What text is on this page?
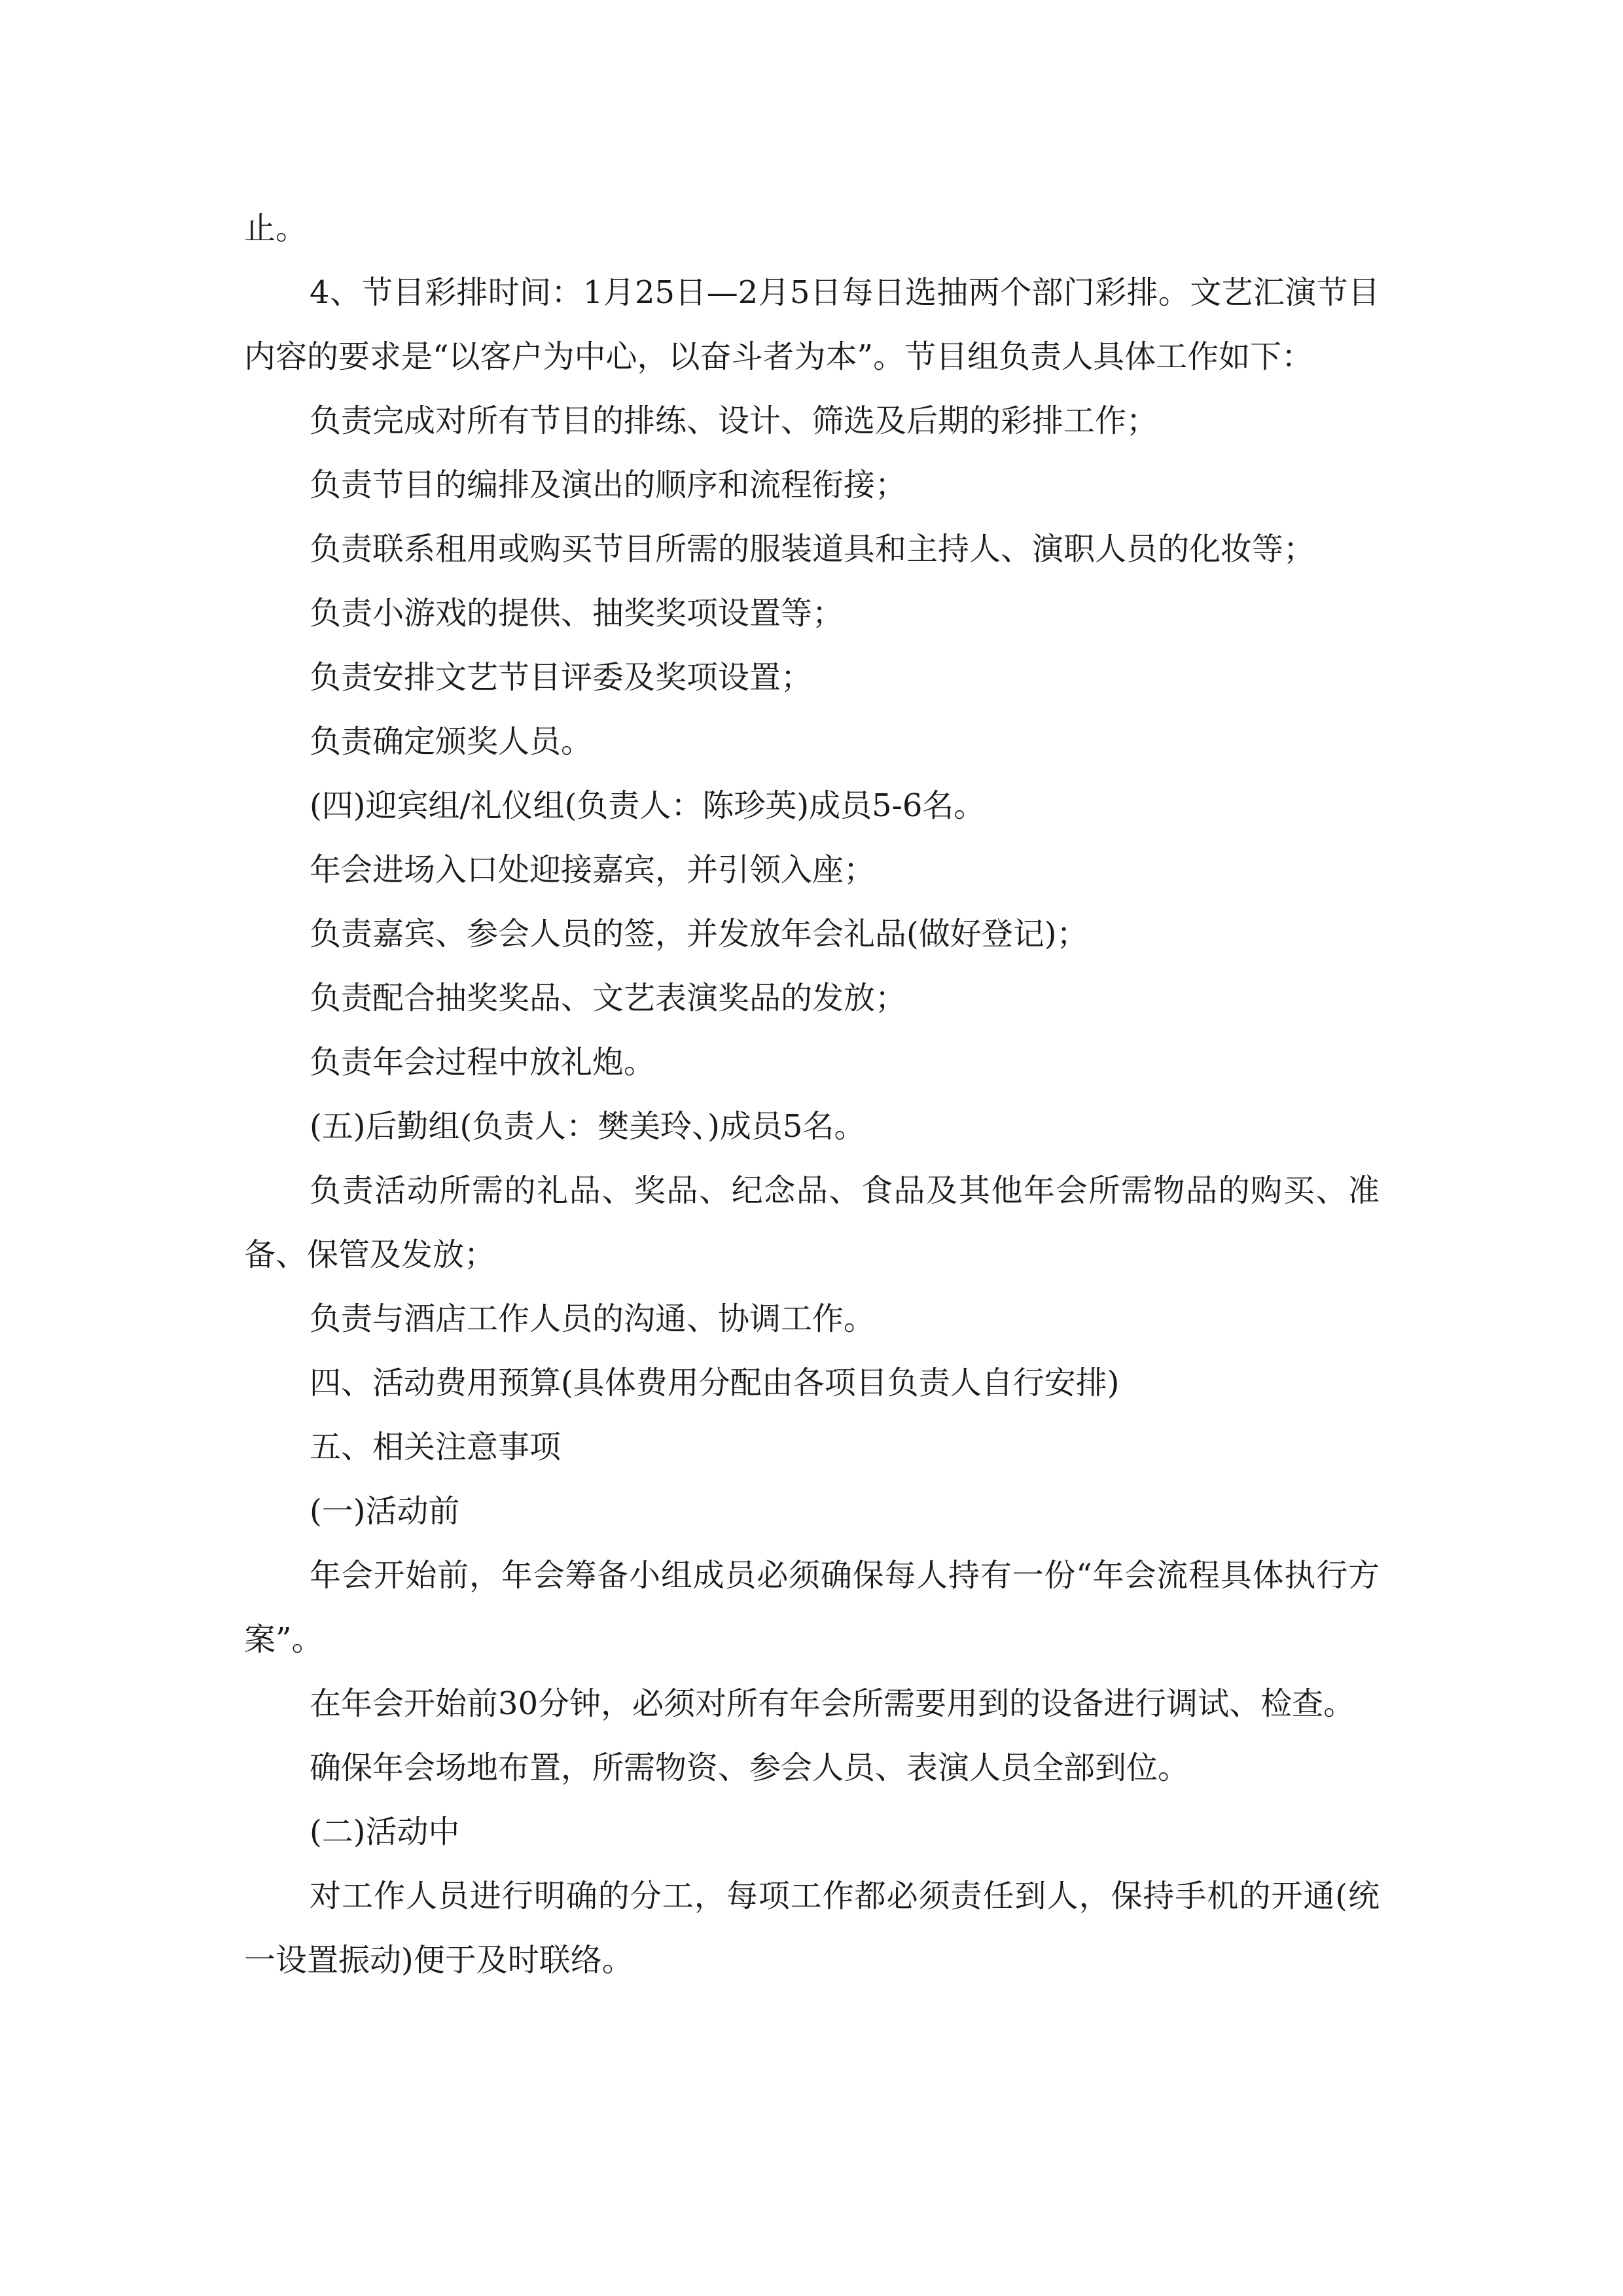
止。

4、节目彩排时间：1月25日—2月5日每日选抽两个部门彩排。文艺汇演节目内容的要求是“以客户为中心，以奋斗者为本”。节目组负责人具体工作如下：

负责完成对所有节目的排练、设计、筛选及后期的彩排工作；

负责节目的编排及演出的顺序和流程衔接；

负责联系租用或购买节目所需的服装道具和主持人、演职人员的化妆等；

负责小游戏的提供、抽奖奖项设置等；

负责安排文艺节目评委及奖项设置；

负责确定颁奖人员。

(四)迎宾组/礼仪组(负责人：陈珍英)成员5-6名。

年会进场入口处迎接嘉宾，并引领入座；

负责嘉宾、参会人员的签，并发放年会礼品(做好登记)；

负责配合抽奖奖品、文艺表演奖品的发放；

负责年会过程中放礼炮。

(五)后勤组(负责人：樊美玲、)成员5名。

负责活动所需的礼品、奖品、纪念品、食品及其他年会所需物品的购买、准备、保管及发放；

负责与酒店工作人员的沟通、协调工作。

四、活动费用预算(具体费用分配由各项目负责人自行安排)

五、相关注意事项

(一)活动前

年会开始前，年会筹备小组成员必须确保每人持有一份“年会流程具体执行方案”。

在年会开始前30分钟，必须对所有年会所需要用到的设备进行调试、检查。

确保年会场地布置，所需物资、参会人员、表演人员全部到位。

(二)活动中

对工作人员进行明确的分工，每项工作都必须责任到人，保持手机的开通(统一设置振动)便于及时联络。
